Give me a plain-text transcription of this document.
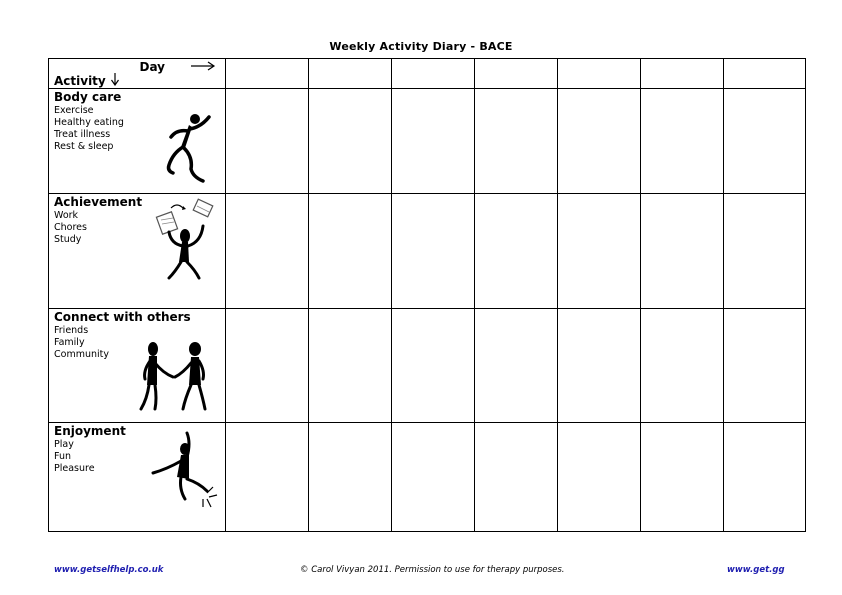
Weekly Activity Diary - BACE
Day
Activity							

Body care
Exercise
Healthy eating
Treat illness
Rest & sleep							

Achievement
Work
Chores
Study							

Connect with others
Friends
Family
Community							

Enjoyment
Play
Fun
Pleasure							

www.getselfhelp.co.uk	© Carol Vivyan 2011. Permission to use for therapy purposes.	www.get.gg
